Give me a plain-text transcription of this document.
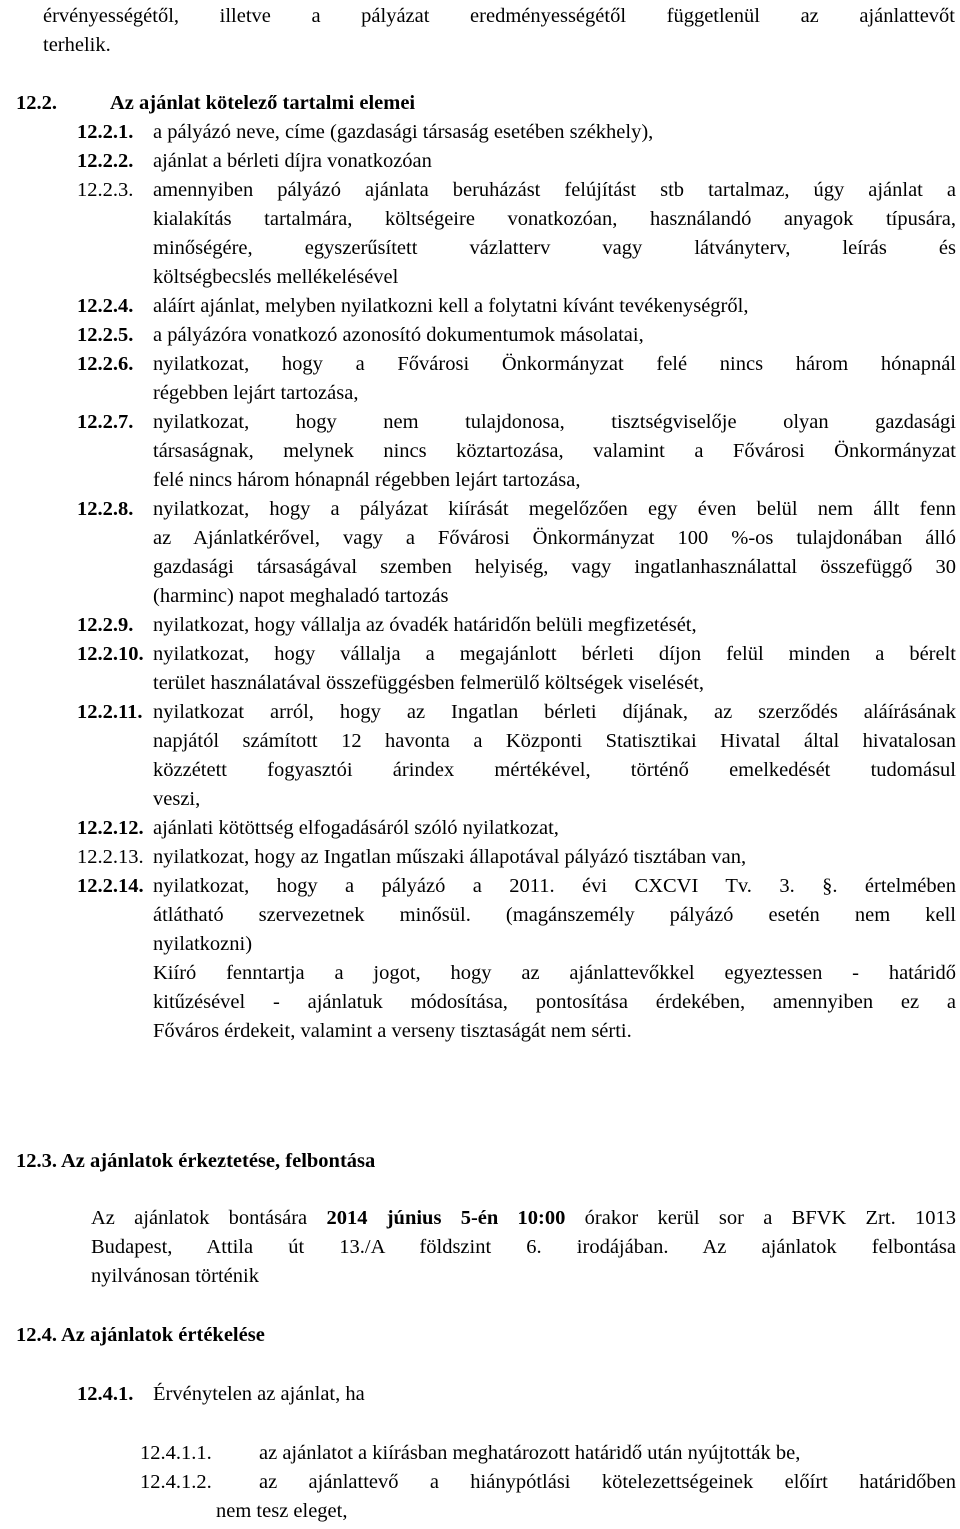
érvényességétől, illetve a pályázat eredményességétől függetlenül az ajánlattevőt
terhelik.
12.2.	Az ajánlat kötelező tartalmi elemei
12.2.1. a pályázó neve, címe (gazdasági társaság esetében székhely),
12.2.2. ajánlat a bérleti díjra vonatkozóan
12.2.3. amennyiben pályázó ajánlata beruházást felújítást stb tartalmaz, úgy ajánlat a
kialakítás tartalmára, költségeire vonatkozóan, használandó anyagok típusára,
minőségére, egyszerűsített vázlatterv vagy látványterv, leírás és
költségbecslés mellékelésével
12.2.4. aláírt ajánlat, melyben nyilatkozni kell a folytatni kívánt tevékenységről,
12.2.5. a pályázóra vonatkozó azonosító dokumentumok másolatai,
12.2.6. nyilatkozat, hogy a Fővárosi Önkormányzat felé nincs három hónapnál
régebben lejárt tartozása,
12.2.7. nyilatkozat, hogy nem tulajdonosa, tisztségviselője olyan gazdasági
társaságnak, melynek nincs köztartozása, valamint a Fővárosi Önkormányzat
felé nincs három hónapnál régebben lejárt tartozása,
12.2.8. nyilatkozat, hogy a pályázat kiírását megelőzően egy éven belül nem állt fenn
az Ajánlatkérővel, vagy a Fővárosi Önkormányzat 100 %-os tulajdonában álló
gazdasági társaságával szemben helyiség, vagy ingatlanhasználattal összefüggő 30
(harminc) napot meghaladó tartozás
12.2.9. nyilatkozat, hogy vállalja az óvadék határidőn belüli megfizetését,
12.2.10. nyilatkozat, hogy vállalja a megajánlott bérleti díjon felül minden a bérelt
terület használatával összefüggésben felmerülő költségek viselését,
12.2.11. nyilatkozat arról, hogy az Ingatlan bérleti díjának, az szerződés aláírásának
napjától számított 12 havonta a Központi Statisztikai Hivatal által hivatalosan
közzétett fogyasztói árindex mértékével, történő emelkedését tudomásul
veszi,
12.2.12. ajánlati kötöttség elfogadásáról szóló nyilatkozat,
12.2.13. nyilatkozat, hogy az Ingatlan műszaki állapotával pályázó tisztában van,
12.2.14. nyilatkozat, hogy a pályázó a 2011. évi CXCVI Tv. 3. §. értelmében
átlátható szervezetnek minősül. (magánszemély pályázó esetén nem kell
nyilatkozni)
Kiíró fenntartja a jogot, hogy az ajánlattevőkkel egyeztessen - határidő
kitűzésével - ajánlatuk módosítása, pontosítása érdekében, amennyiben ez a
Főváros érdekeit, valamint a verseny tisztaságát nem sérti.
12.3. Az ajánlatok érkeztetése, felbontása
Az ajánlatok bontására 2014 június 5-én 10:00 órakor kerül sor a BFVK Zrt. 1013
Budapest, Attila út 13./A földszint 6. irodájában. Az ajánlatok felbontása
nyilvánosan történik
12.4. Az ajánlatok értékelése
12.4.1. Érvénytelen az ajánlat, ha
12.4.1.1. az ajánlatot a kiírásban meghatározott határidő után nyújtották be,
12.4.1.2. az ajánlattevő a hiánypótlási kötelezettségeinek előírt határidőben
nem tesz eleget,
